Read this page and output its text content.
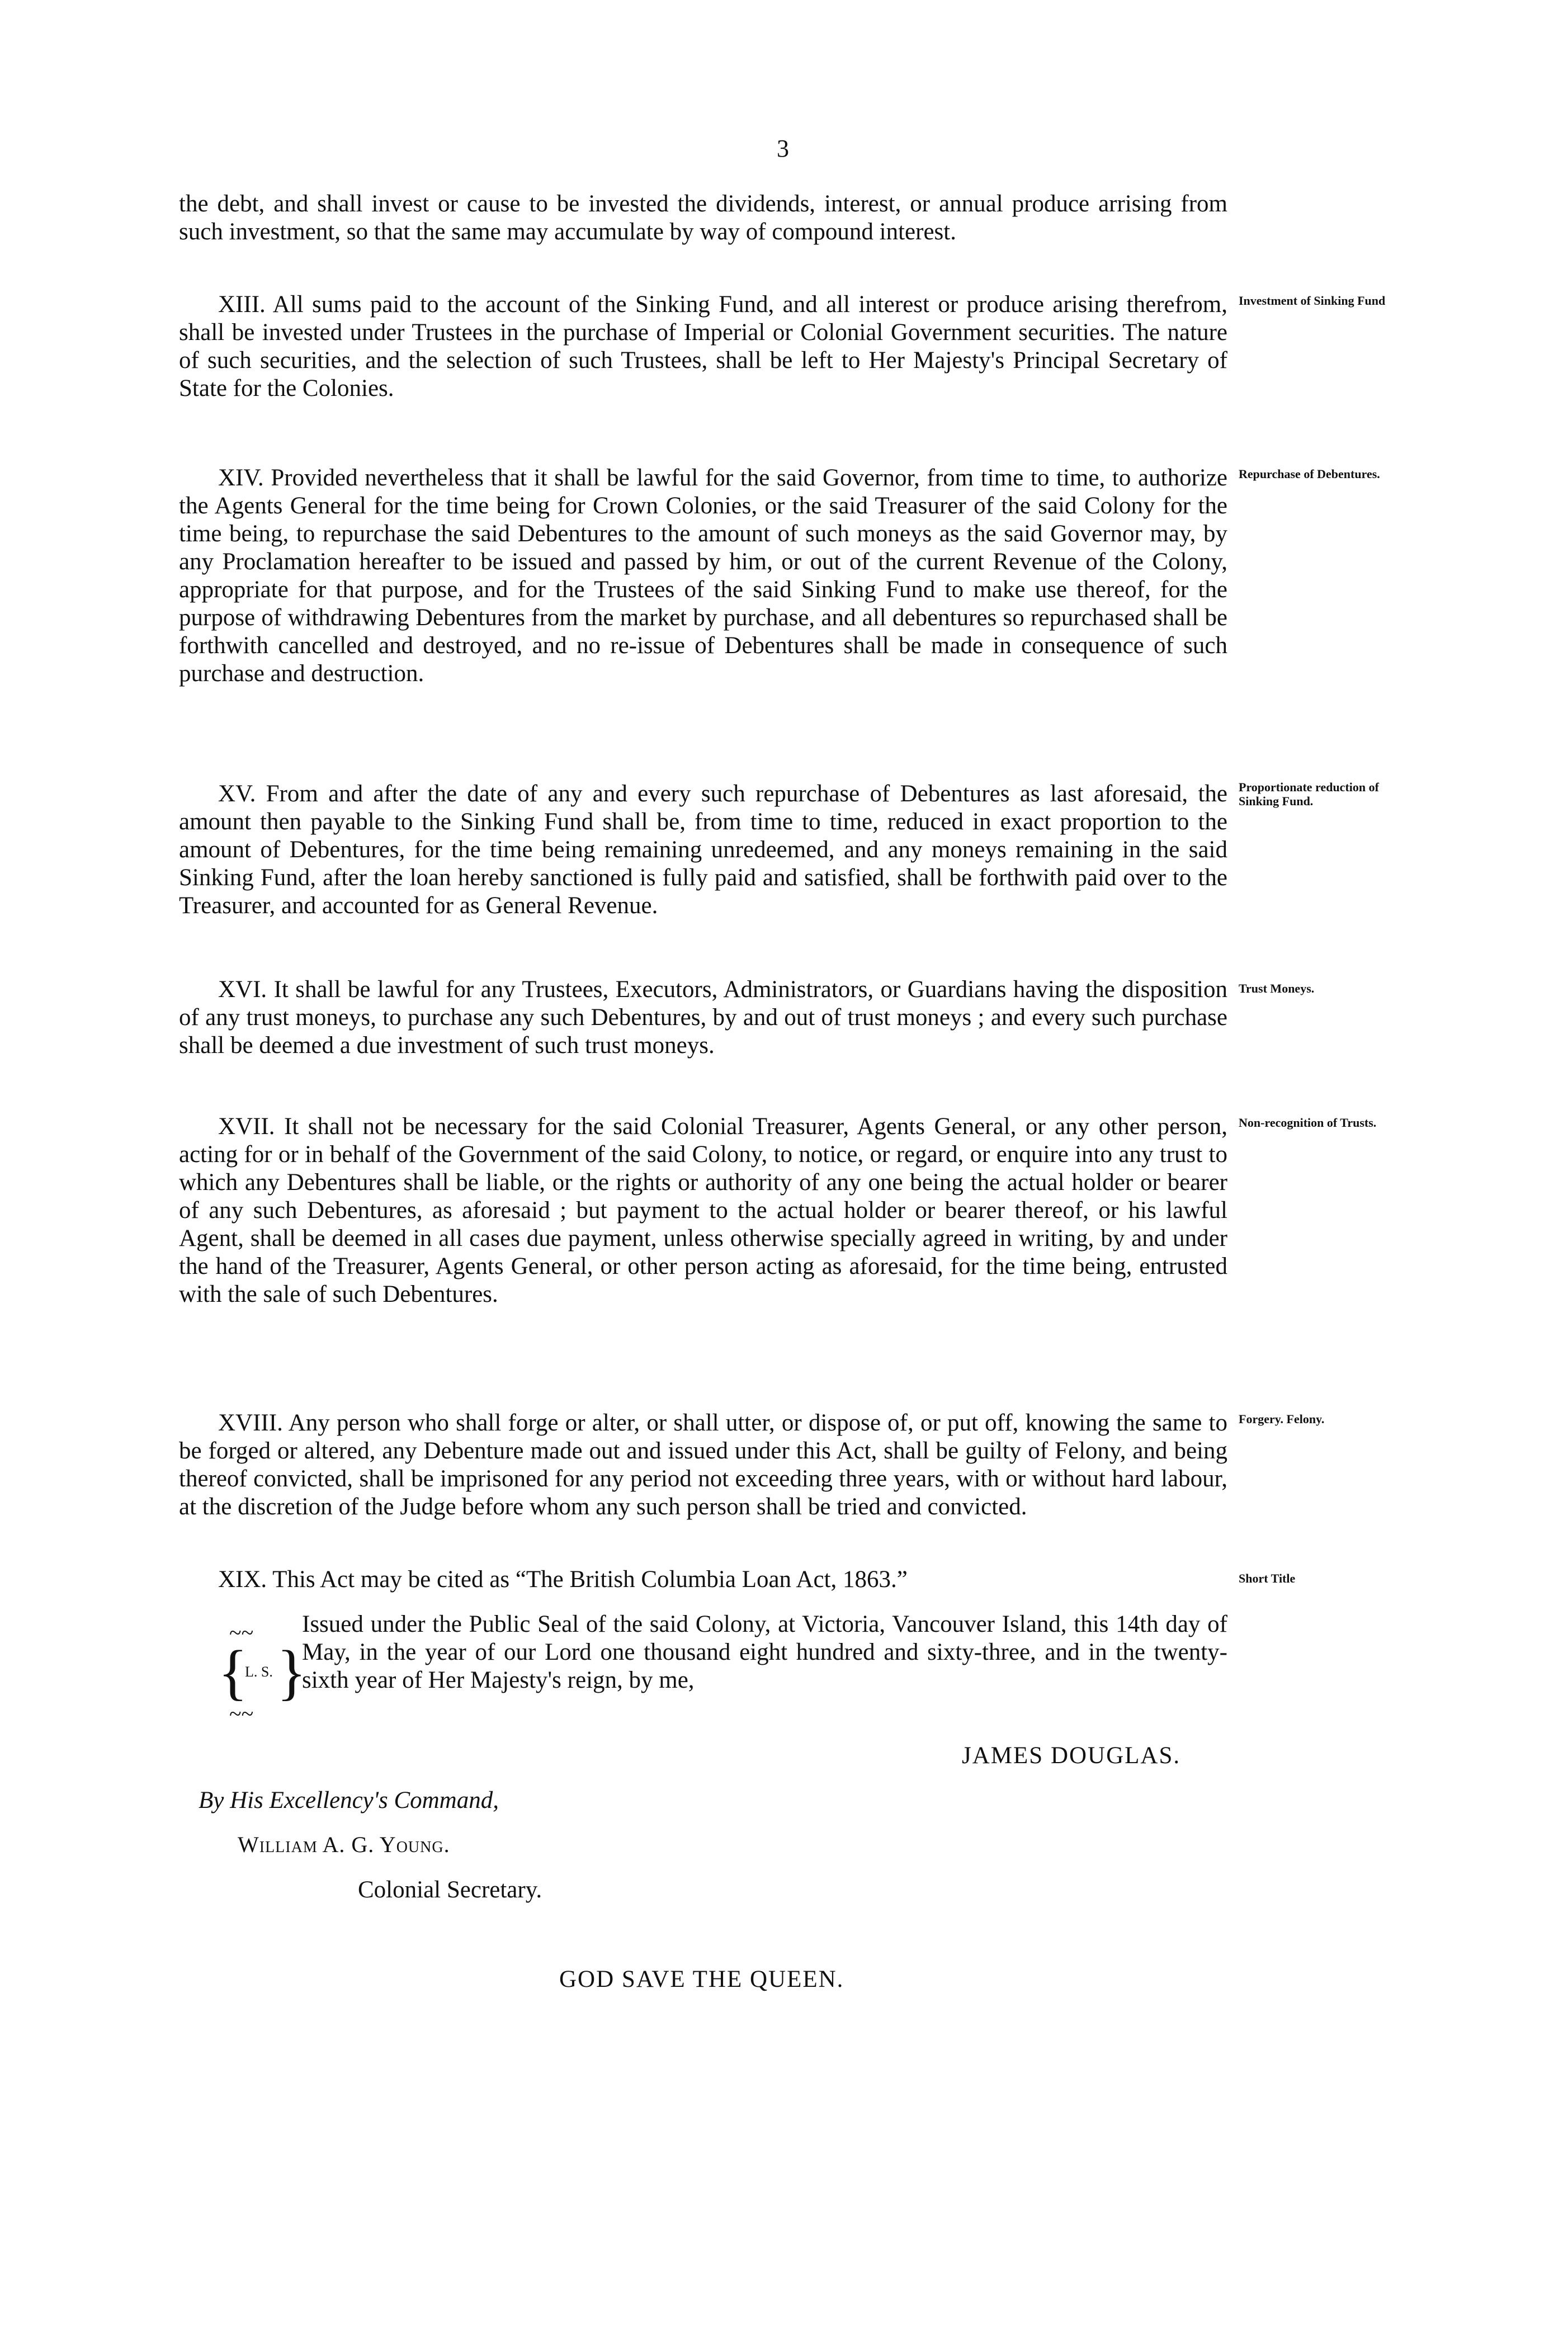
3

the debt, and shall invest or cause to be invested the dividends, interest, or annual produce arrising from such investment, so that the same may accumulate by way of compound interest.

XIII. All sums paid to the account of the Sinking Fund, and all interest or produce arising therefrom, shall be invested under Trustees in the purchase of Imperial or Colonial Government securities. The nature of such securities, and the selection of such Trustees, shall be left to Her Majesty's Principal Secretary of State for the Colonies.

Investment of Sinking Fund

XIV. Provided nevertheless that it shall be lawful for the said Governor, from time to time, to authorize the Agents General for the time being for Crown Colonies, or the said Treasurer of the said Colony for the time being, to repurchase the said Debentures to the amount of such moneys as the said Governor may, by any Proclamation hereafter to be issued and passed by him, or out of the current Revenue of the Colony, appropriate for that purpose, and for the Trustees of the said Sinking Fund to make use thereof, for the purpose of withdrawing Debentures from the market by purchase, and all debentures so repurchased shall be forthwith cancelled and destroyed, and no re-issue of Debentures shall be made in consequence of such purchase and destruction.

Repurchase of Debentures.

XV. From and after the date of any and every such repurchase of Debentures as last aforesaid, the amount then payable to the Sinking Fund shall be, from time to time, reduced in exact proportion to the amount of Debentures, for the time being remaining unredeemed, and any moneys remaining in the said Sinking Fund, after the loan hereby sanctioned is fully paid and satisfied, shall be forthwith paid over to the Treasurer, and accounted for as General Revenue.

Proportionate reduction of Sinking Fund.

XVI. It shall be lawful for any Trustees, Executors, Administrators, or Guardians having the disposition of any trust moneys, to purchase any such Debentures, by and out of trust moneys ; and every such purchase shall be deemed a due investment of such trust moneys.

Trust Moneys.

XVII. It shall not be necessary for the said Colonial Treasurer, Agents General, or any other person, acting for or in behalf of the Government of the said Colony, to notice, or regard, or enquire into any trust to which any Debentures shall be liable, or the rights or authority of any one being the actual holder or bearer of any such Debentures, as aforesaid ; but payment to the actual holder or bearer thereof, or his lawful Agent, shall be deemed in all cases due payment, unless otherwise specially agreed in writing, by and under the hand of the Treasurer, Agents General, or other person acting as aforesaid, for the time being, entrusted with the sale of such Debentures.

Non-recognition of Trusts.

XVIII. Any person who shall forge or alter, or shall utter, or dispose of, or put off, knowing the same to be forged or altered, any Debenture made out and issued under this Act, shall be guilty of Felony, and being thereof convicted, shall be imprisoned for any period not exceeding three years, with or without hard labour, at the discretion of the Judge before whom any such person shall be tried and convicted.

Forgery. Felony.

XIX. This Act may be cited as “The British Columbia Loan Act, 1863.”	Short Title
~~
{
L. S. }
~~
Issued under the Public Seal of the said Colony, at Victoria, Vancouver Island, this 14th day of May, in the year of our Lord one thousand eight hundred and sixty-three, and in the twenty-sixth year of Her Majesty's reign, by me,
JAMES DOUGLAS.
By His Excellency's Command,
William A. G. Young.
Colonial Secretary.
GOD SAVE THE QUEEN.
